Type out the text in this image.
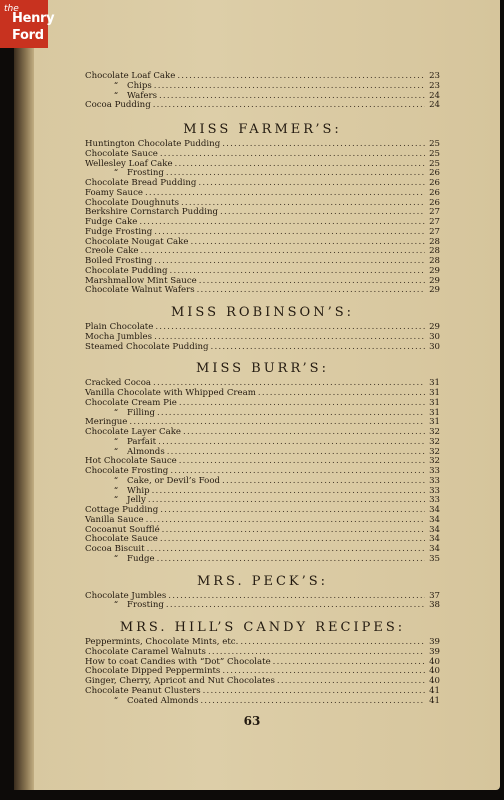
the
Henry
Ford
Chocolate Loaf Cake .....	23
“ Chips .....	23
“ Wafers .....	24
Cocoa Pudding .....	24
MISS FARMER’S:
Huntington Chocolate Pudding .....	25
Chocolate Sauce .....	25
Wellesley Loaf Cake .....	25
“ Frosting .....	26
Chocolate Bread Pudding .....	26
Foamy Sauce .....	26
Chocolate Doughnuts .....	26
Berkshire Cornstarch Pudding .....	27
Fudge Cake .....	27
Fudge Frosting .....	27
Chocolate Nougat Cake .....	28
Creole Cake .....	28
Boiled Frosting .....	28
Chocolate Pudding .....	29
Marshmallow Mint Sauce .....	29
Chocolate Walnut Wafers .....	29
MISS ROBINSON’S:
Plain Chocolate .....	29
Mocha Jumbles .....	30
Steamed Chocolate Pudding .....	30
MISS BURR’S:
Cracked Cocoa .....	31
Vanilla Chocolate with Whipped Cream .....	31
Chocolate Cream Pie .....	31
“ Filling .....	31
Meringue .....	31
Chocolate Layer Cake .....	32
“ Parfait .....	32
“ Almonds .....	32
Hot Chocolate Sauce .....	32
Chocolate Frosting .....	33
“ Cake, or Devil’s Food .....	33
“ Whip .....	33
“ Jelly .....	33
Cottage Pudding .....	34
Vanilla Sauce .....	34
Cocoanut Soufflé .....	34
Chocolate Sauce .....	34
Cocoa Biscuit .....	34
“ Fudge .....	35
MRS. PECK’S:
Chocolate Jumbles .....	37
“ Frosting .....	38
MRS. HILL’S CANDY RECIPES:
Peppermints, Chocolate Mints, etc. .....	39
Chocolate Caramel Walnuts .....	39
How to coat Candies with “Dot” Chocolate .....	40
Chocolate Dipped Peppermints .....	40
Ginger, Cherry, Apricot and Nut Chocolates .....	40
Chocolate Peanut Clusters .....	41
“ Coated Almonds .....	41
63
